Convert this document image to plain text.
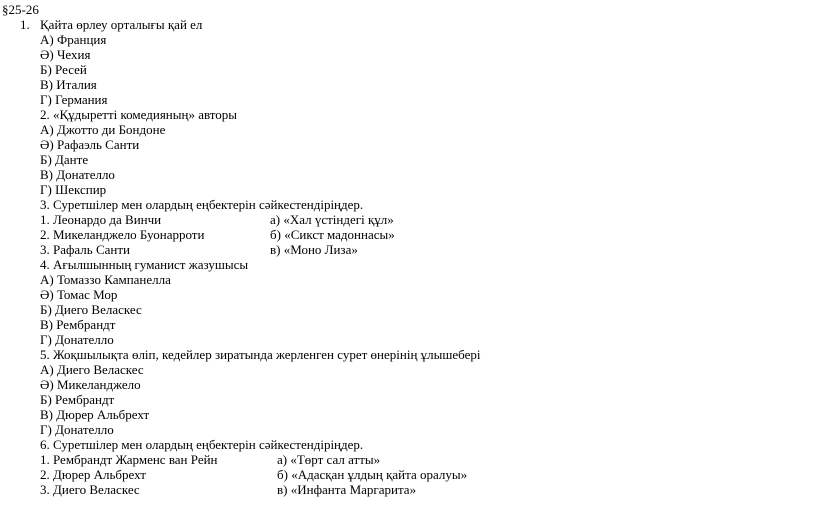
§25-26
1. Қайта өрлеу орталығы қай ел
А) Франция
Ә) Чехия
Б) Ресей
В) Италия
Г) Германия
2. «Құдыретті комедияның» авторы
А) Джотто ди Бондоне
Ә) Рафаэль Санти
Б) Данте
В) Донателло
Г) Шекспир
3. Суретшілер мен олардың еңбектерін сәйкестендіріңдер.
1. Леонардо да Винчи	а) «Хал үстіндегі құл»
2. Микеланджело Буонарроти	б) «Сикст мадоннасы»
3. Рафаль Санти	в) «Моно Лиза»
4. Ағылшынның гуманист жазушысы
А) Томаззо Кампанелла
Ә) Томас Мор
Б) Диего Веласкес
В) Рембрандт
Г) Донателло
5. Жоқшылықта өліп, кедейлер зиратында жерленген сурет өнерінің ұлышебері
А) Диего Веласкес
Ә) Микеланджело
Б) Рембрандт
В) Дюрер Альбрехт
Г) Донателло
6. Суретшілер мен олардың еңбектерін сәйкестендіріңдер.
1. Рембрандт Жарменс ван Рейн	а) «Төрт сал атты»
2. Дюрер Альбрехт	б) «Адасқан ұлдың қайта оралуы»
3. Диего Веласкес	в) «Инфанта Маргарита»
